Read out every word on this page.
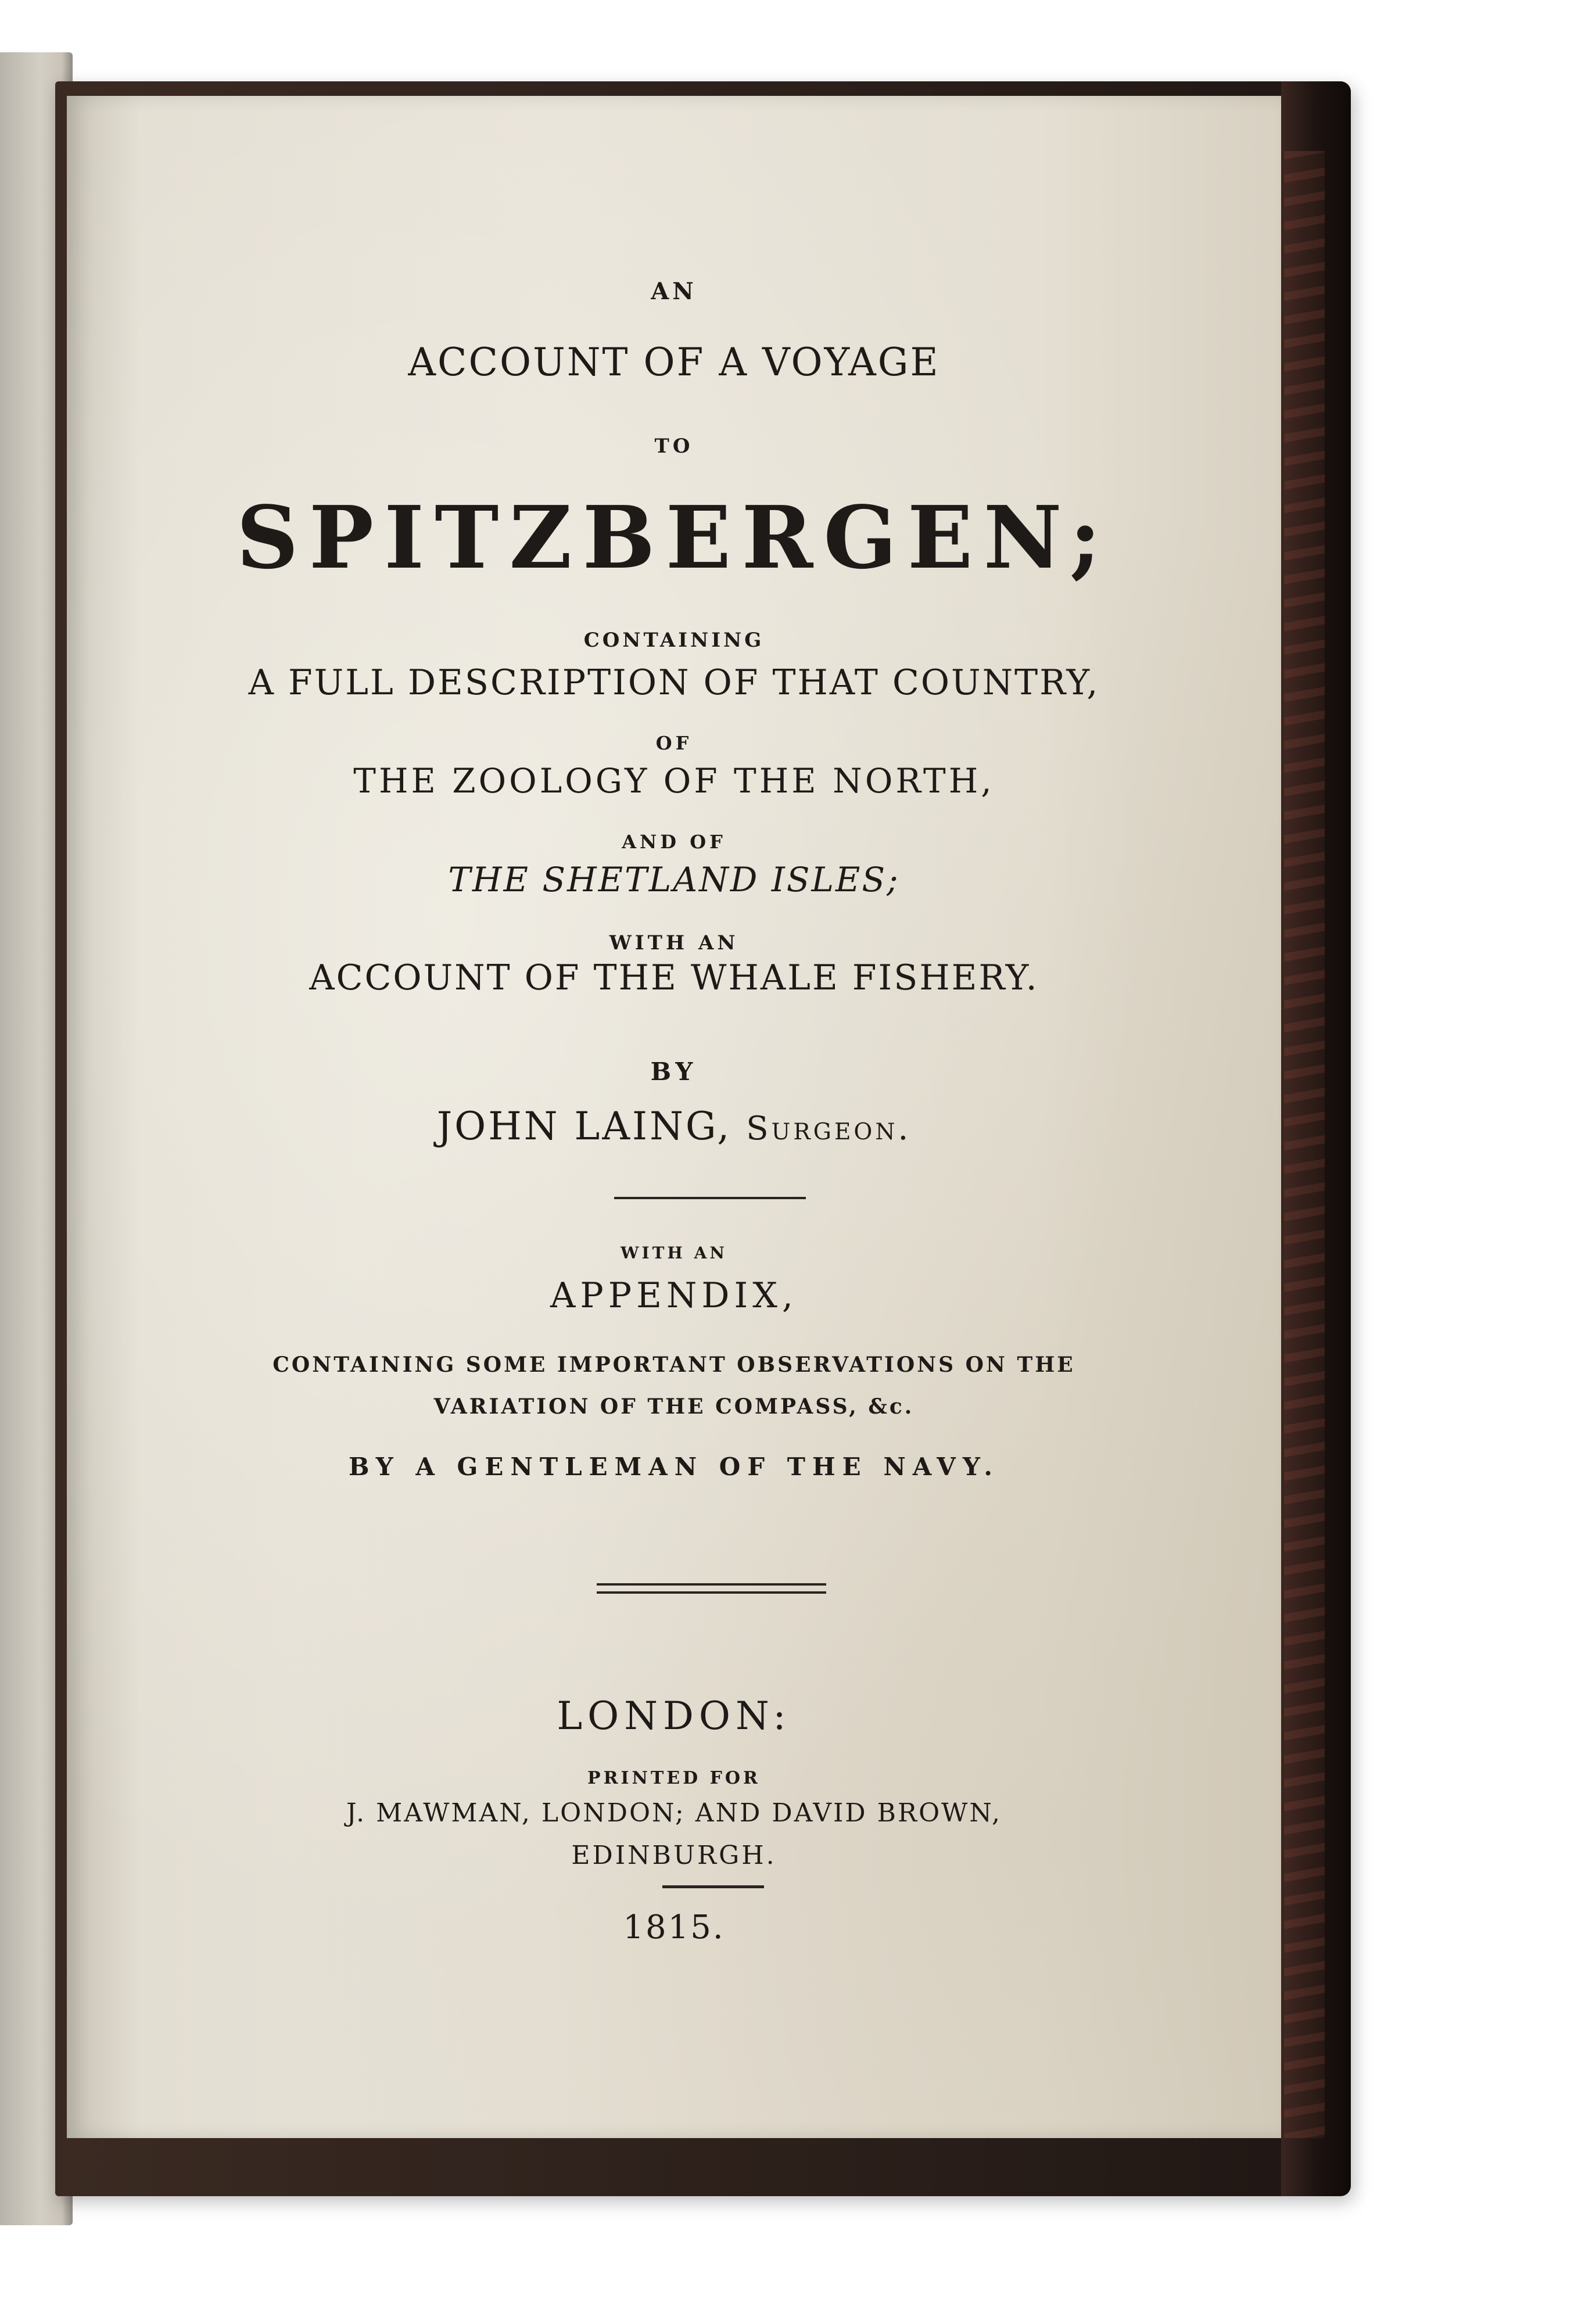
AN
ACCOUNT OF A VOYAGE
TO
SPITZBERGEN;
CONTAINING
A FULL DESCRIPTION OF THAT COUNTRY,
OF
THE ZOOLOGY OF THE NORTH,
AND OF
THE SHETLAND ISLES;
WITH AN
ACCOUNT OF THE WHALE FISHERY.
BY
JOHN LAING, Surgeon.
WITH AN
APPENDIX,
CONTAINING SOME IMPORTANT OBSERVATIONS ON THE
VARIATION OF THE COMPASS, &c.
BY A GENTLEMAN OF THE NAVY.
LONDON:
PRINTED FOR
J. MAWMAN, LONDON; AND DAVID BROWN,
EDINBURGH.
1815.
